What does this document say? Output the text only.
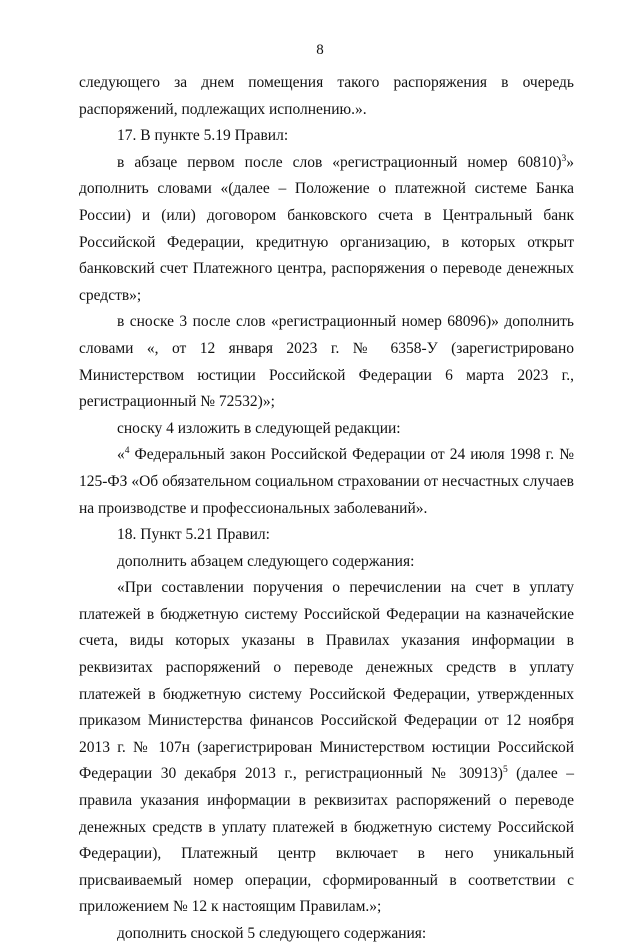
8

следующего за днем помещения такого распоряжения в очередь распоряжений, подлежащих исполнению.».

17. В пункте 5.19 Правил:

в абзаце первом после слов «регистрационный номер 60810)$^3$» дополнить словами «(далее – Положение о платежной системе Банка России) и (или) договором банковского счета в Центральный банк Российской Федерации, кредитную организацию, в которых открыт банковский счет Платежного центра, распоряжения о переводе денежных средств»;

в сноске 3 после слов «регистрационный номер 68096)» дополнить словами «, от 12 января 2023 г. № 6358-У (зарегистрировано Министерством юстиции Российской Федерации 6 марта 2023 г., регистрационный № 72532)»;

сноску 4 изложить в следующей редакции:

«$^4$ Федеральный закон Российской Федерации от 24 июля 1998 г. № 125-ФЗ «Об обязательном социальном страховании от несчастных случаев на производстве и профессиональных заболеваний».

18. Пункт 5.21 Правил:

дополнить абзацем следующего содержания:

«При составлении поручения о перечислении на счет в уплату платежей в бюджетную систему Российской Федерации на казначейские счета, виды которых указаны в Правилах указания информации в реквизитах распоряжений о переводе денежных средств в уплату платежей в бюджетную систему Российской Федерации, утвержденных приказом Министерства финансов Российской Федерации от 12 ноября 2013 г. № 107н (зарегистрирован Министерством юстиции Российской Федерации 30 декабря 2013 г., регистрационный № 30913)$^5$ (далее – правила указания информации в реквизитах распоряжений о переводе денежных средств в уплату платежей в бюджетную систему Российской Федерации), Платежный центр включает в него уникальный присваиваемый номер операции, сформированный в соответствии с приложением № 12 к настоящим Правилам.»;

дополнить сноской 5 следующего содержания:
